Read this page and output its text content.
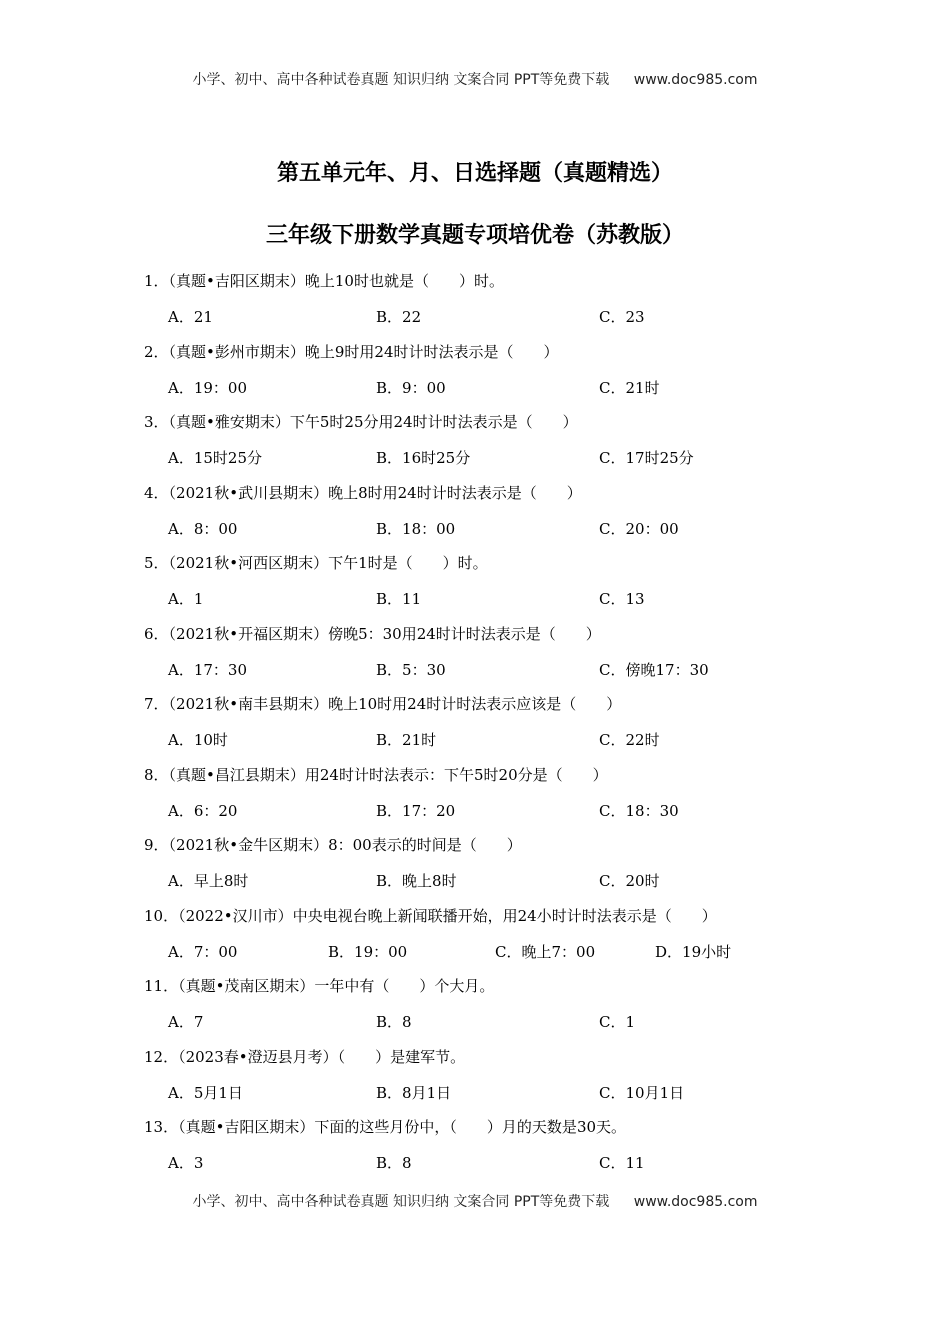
小学、初中、高中各种试卷真题 知识归纳 文案合同 PPT等免费下载 www.doc985.com
第五单元年、月、日选择题（真题精选）
三年级下册数学真题专项培优卷（苏教版）
1．（真题•吉阳区期末）晚上10时也就是（　　）时。
A．21	B．22	C．23
2．（真题•彭州市期末）晚上9时用24时计时法表示是（　　）
A．19：00	B．9：00	C．21时
3．（真题•雅安期末）下午5时25分用24时计时法表示是（　　）
A．15时25分	B．16时25分	C．17时25分
4．（2021秋•武川县期末）晚上8时用24时计时法表示是（　　）
A．8：00	B．18：00	C．20：00
5．（2021秋•河西区期末）下午1时是（　　）时。
A．1	B．11	C．13
6．（2021秋•开福区期末）傍晚5：30用24时计时法表示是（　　）
A．17：30	B．5：30	C．傍晚17：30
7．（2021秋•南丰县期末）晚上10时用24时计时法表示应该是（　　）
A．10时	B．21时	C．22时
8．（真题•昌江县期末）用24时计时法表示：下午5时20分是（　　）
A．6：20	B．17：20	C．18：30
9．（2021秋•金牛区期末）8：00表示的时间是（　　）
A．早上8时	B．晚上8时	C．20时
10．（2022•汉川市）中央电视台晚上新闻联播开始，用24小时计时法表示是（　　）
A．7：00	B．19：00	C．晚上7：00	D．19小时
11．（真题•茂南区期末）一年中有（　　）个大月。
A．7	B．8	C．1
12．（2023春•澄迈县月考）（　　）是建军节。
A．5月1日	B．8月1日	C．10月1日
13．（真题•吉阳区期末）下面的这些月份中，（　　）月的天数是30天。
A．3	B．8	C．11
小学、初中、高中各种试卷真题 知识归纳 文案合同 PPT等免费下载 www.doc985.com
